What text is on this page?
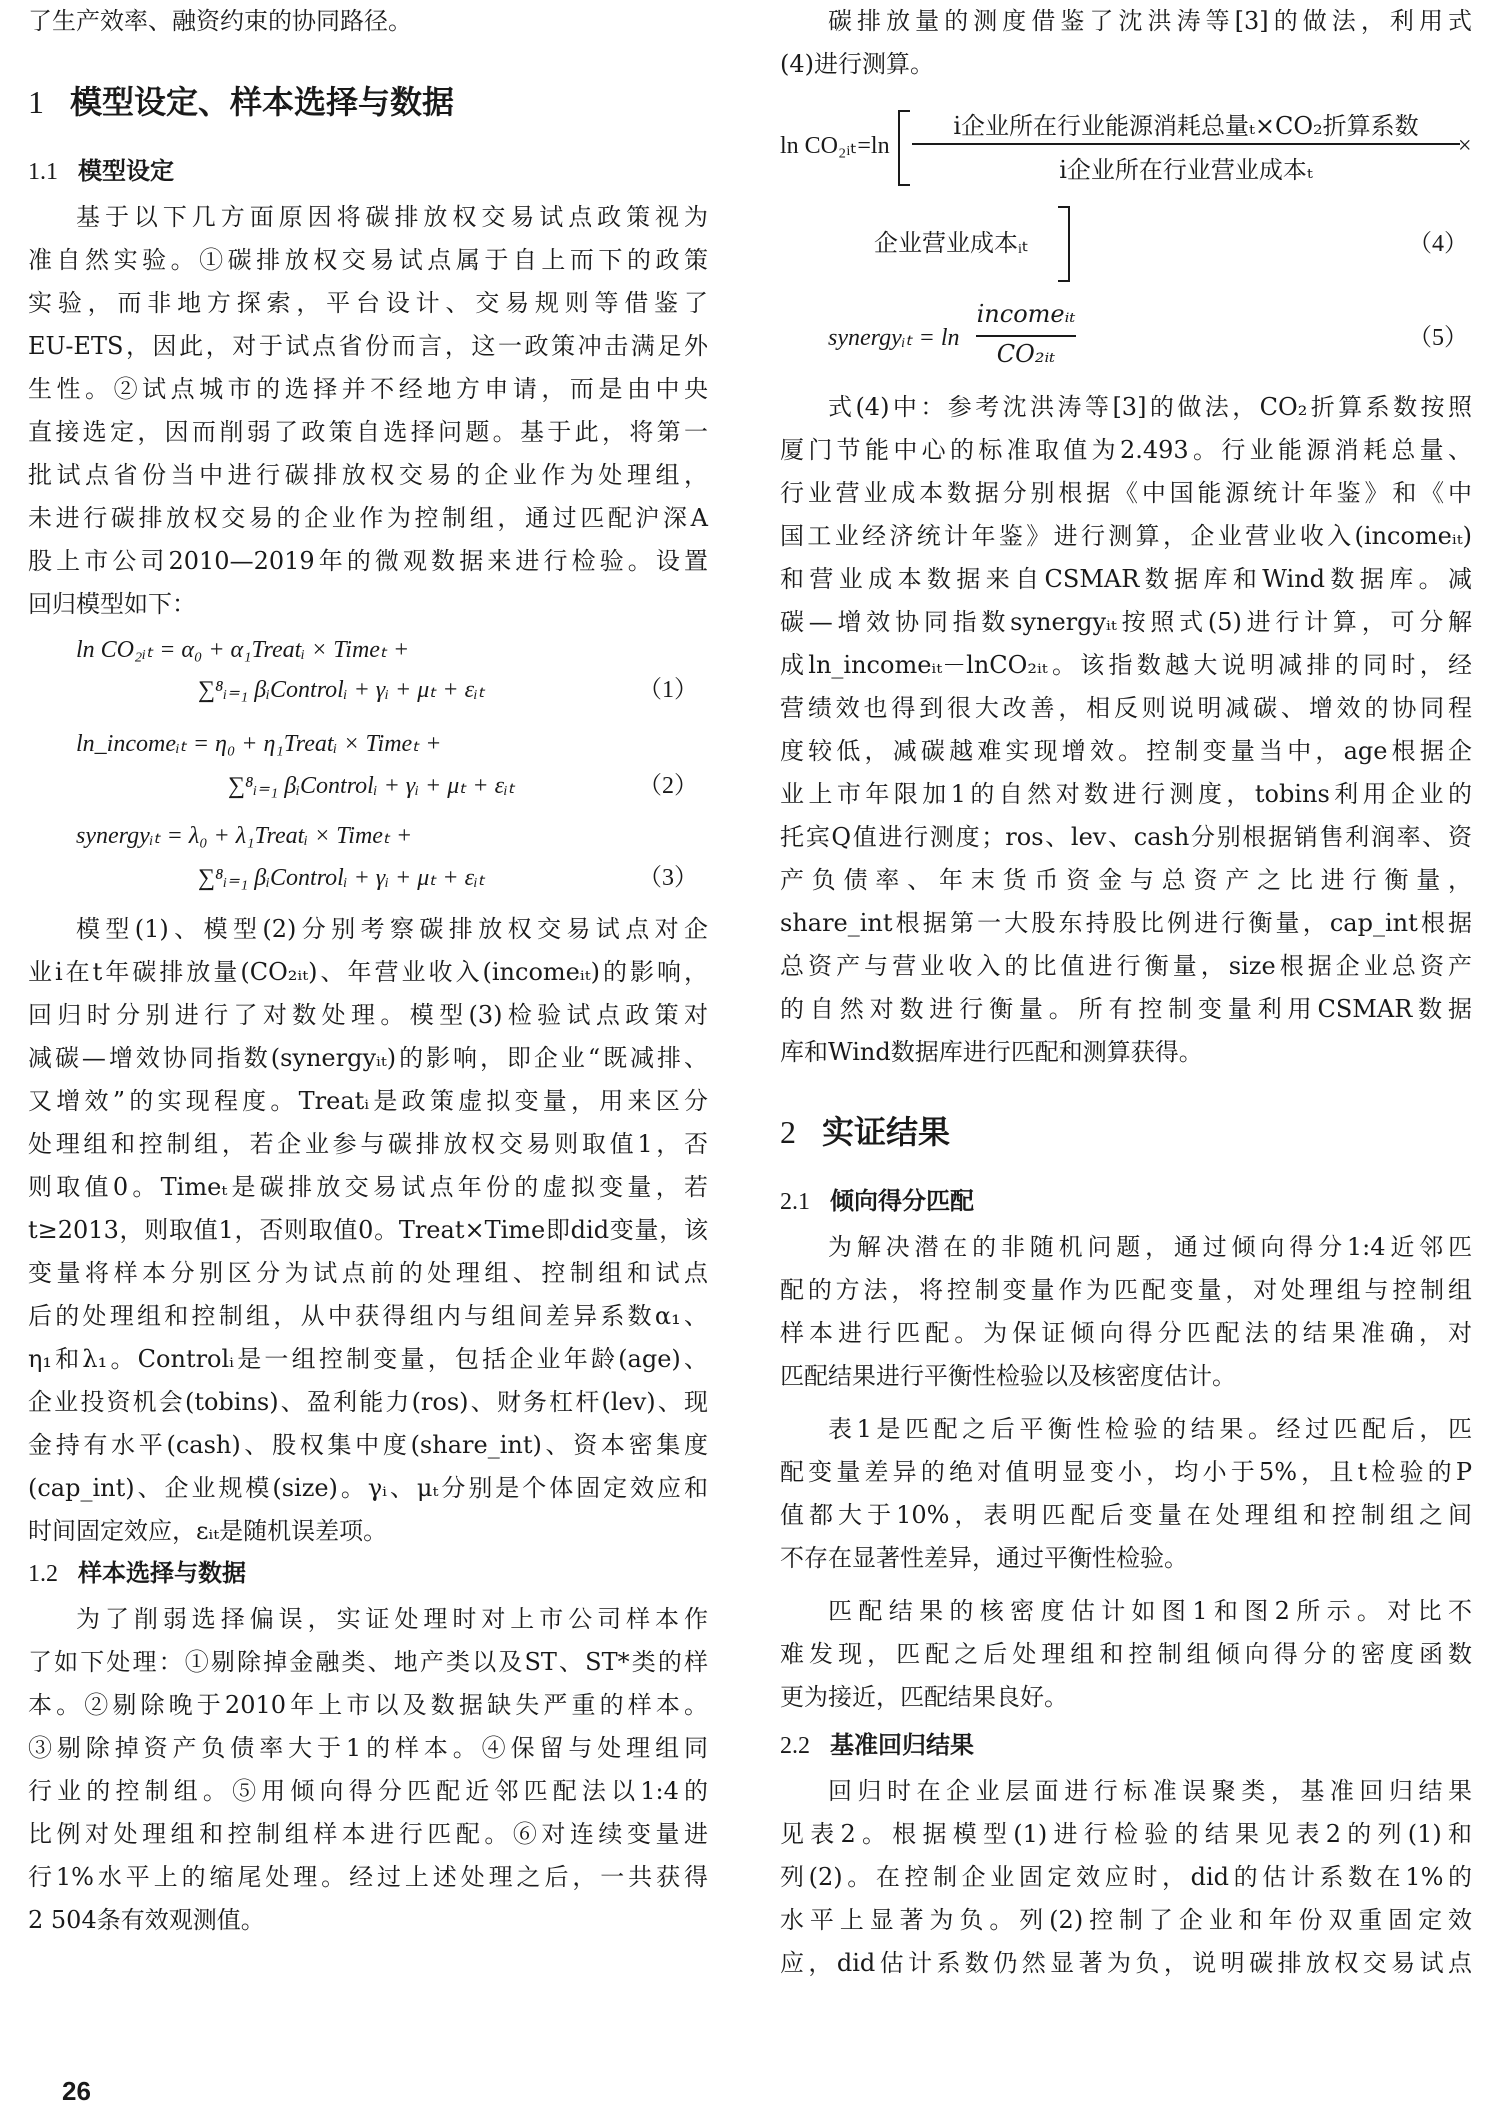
了生产效率、融资约束的协同路径。
1 模型设定、样本选择与数据
1.1 模型设定
基于以下几方面原因将碳排放权交易试点政策视为
准自然实验。①碳排放权交易试点属于自上而下的政策
实验，而非地方探索，平台设计、交易规则等借鉴了
EU-ETS，因此，对于试点省份而言，这一政策冲击满足外
生性。②试点城市的选择并不经地方申请，而是由中央
直接选定，因而削弱了政策自选择问题。基于此，将第一
批试点省份当中进行碳排放权交易的企业作为处理组，
未进行碳排放权交易的企业作为控制组，通过匹配沪深A
股上市公司2010—2019年的微观数据来进行检验。设置
回归模型如下：
ln CO₂ᵢₜ = α₀ + α₁Treatᵢ × Timeₜ +
∑⁸ᵢ₌₁ βᵢControlᵢ + γᵢ + μₜ + εᵢₜ	（1）
ln_incomeᵢₜ = η₀ + η₁Treatᵢ × Timeₜ +
∑⁸ᵢ₌₁ βᵢControlᵢ + γᵢ + μₜ + εᵢₜ	（2）
synergyᵢₜ = λ₀ + λ₁Treatᵢ × Timeₜ +
∑⁸ᵢ₌₁ βᵢControlᵢ + γᵢ + μₜ + εᵢₜ	（3）
模型(1)、模型(2)分别考察碳排放权交易试点对企
业i在t年碳排放量(CO₂ᵢₜ)、年营业收入(incomeᵢₜ)的影响，
回归时分别进行了对数处理。模型(3)检验试点政策对
减碳—增效协同指数(synergyᵢₜ)的影响，即企业“既减排、
又增效”的实现程度。Treatᵢ是政策虚拟变量，用来区分
处理组和控制组，若企业参与碳排放权交易则取值1，否
则取值0。Timeₜ是碳排放交易试点年份的虚拟变量，若
t≥2013，则取值1，否则取值0。Treat×Time即did变量，该
变量将样本分别区分为试点前的处理组、控制组和试点
后的处理组和控制组，从中获得组内与组间差异系数α₁、
η₁和λ₁。Controlᵢ是一组控制变量，包括企业年龄(age)、
企业投资机会(tobins)、盈利能力(ros)、财务杠杆(lev)、现
金持有水平(cash)、股权集中度(share_int)、资本密集度
(cap_int)、企业规模(size)。γᵢ、μₜ分别是个体固定效应和
时间固定效应，εᵢₜ是随机误差项。
1.2 样本选择与数据
为了削弱选择偏误，实证处理时对上市公司样本作
了如下处理：①剔除掉金融类、地产类以及ST、ST*类的样
本。②剔除晚于2010年上市以及数据缺失严重的样本。
③剔除掉资产负债率大于1的样本。④保留与处理组同
行业的控制组。⑤用倾向得分匹配近邻匹配法以1:4的
比例对处理组和控制组样本进行匹配。⑥对连续变量进
行1%水平上的缩尾处理。经过上述处理之后，一共获得
2 504条有效观测值。
26
碳排放量的测度借鉴了沈洪涛等[3]的做法，利用式
(4)进行测算。
ln CO₂ᵢₜ=ln
i企业所在行业能源消耗总量ₜ×CO₂折算系数
i企业所在行业营业成本ₜ
×
企业营业成本ᵢₜ	（4）
synergyᵢₜ = ln
incomeᵢₜ
CO₂ᵢₜ
（5）
式(4)中：参考沈洪涛等[3]的做法，CO₂折算系数按照
厦门节能中心的标准取值为2.493。行业能源消耗总量、
行业营业成本数据分别根据《中国能源统计年鉴》和《中
国工业经济统计年鉴》进行测算，企业营业收入(incomeᵢₜ)
和营业成本数据来自CSMAR数据库和Wind数据库。减
碳—增效协同指数synergyᵢₜ按照式(5)进行计算，可分解
成ln_incomeᵢₜ－lnCO₂ᵢₜ。该指数越大说明减排的同时，经
营绩效也得到很大改善，相反则说明减碳、增效的协同程
度较低，减碳越难实现增效。控制变量当中，age根据企
业上市年限加1的自然对数进行测度，tobins利用企业的
托宾Q值进行测度；ros、lev、cash分别根据销售利润率、资
产负债率、年末货币资金与总资产之比进行衡量，
share_int根据第一大股东持股比例进行衡量，cap_int根据
总资产与营业收入的比值进行衡量，size根据企业总资产
的自然对数进行衡量。所有控制变量利用CSMAR数据
库和Wind数据库进行匹配和测算获得。
2 实证结果
2.1 倾向得分匹配
为解决潜在的非随机问题，通过倾向得分1:4近邻匹
配的方法，将控制变量作为匹配变量，对处理组与控制组
样本进行匹配。为保证倾向得分匹配法的结果准确，对
匹配结果进行平衡性检验以及核密度估计。
表1是匹配之后平衡性检验的结果。经过匹配后，匹
配变量差异的绝对值明显变小，均小于5%，且t检验的P
值都大于10%，表明匹配后变量在处理组和控制组之间
不存在显著性差异，通过平衡性检验。
匹配结果的核密度估计如图1和图2所示。对比不
难发现，匹配之后处理组和控制组倾向得分的密度函数
更为接近，匹配结果良好。
2.2 基准回归结果
回归时在企业层面进行标准误聚类，基准回归结果
见表2。根据模型(1)进行检验的结果见表2的列(1)和
列(2)。在控制企业固定效应时，did的估计系数在1%的
水平上显著为负。列(2)控制了企业和年份双重固定效
应，did估计系数仍然显著为负，说明碳排放权交易试点
